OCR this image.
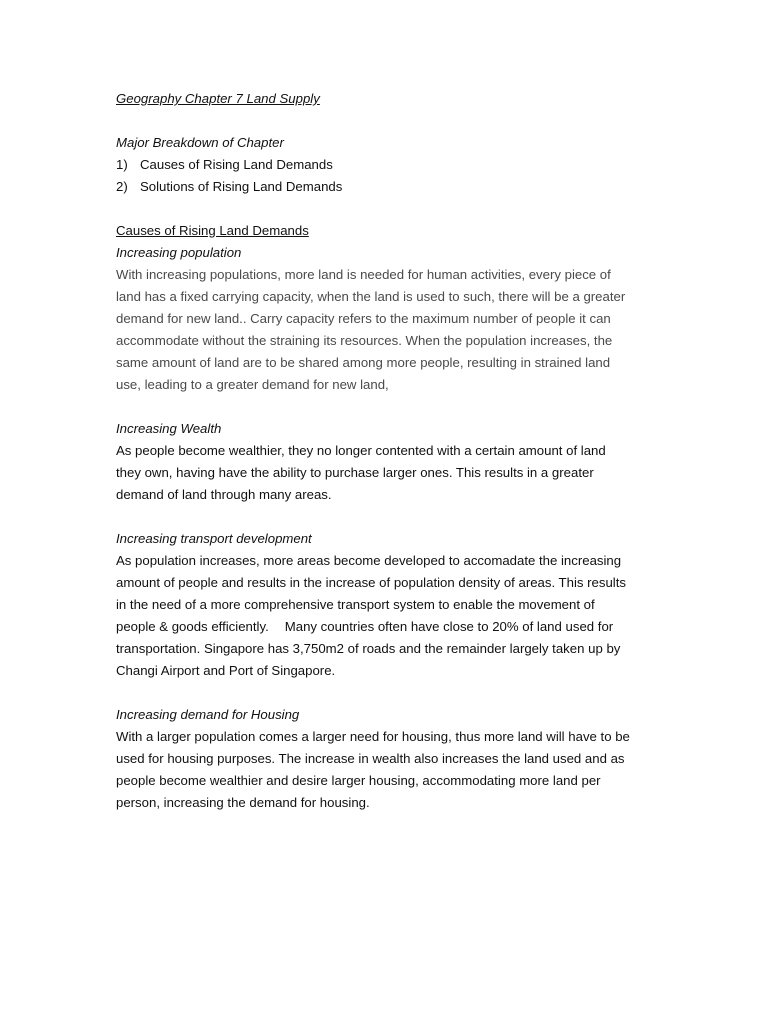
Geography Chapter 7 Land Supply
Major Breakdown of Chapter
1) Causes of Rising Land Demands
2) Solutions of Rising Land Demands
Causes of Rising Land Demands
Increasing population
With increasing populations, more land is needed for human activities, every piece of
land has a fixed carrying capacity, when the land is used to such, there will be a greater
demand for new land.. Carry capacity refers to the maximum number of people it can
accommodate without the straining its resources. When the population increases, the
same amount of land are to be shared among more people, resulting in strained land
use, leading to a greater demand for new land,
Increasing Wealth
As people become wealthier, they no longer contented with a certain amount of land
they own, having have the ability to purchase larger ones. This results in a greater
demand of land through many areas.
Increasing transport development
As population increases, more areas become developed to accomadate the increasing
amount of people and results in the increase of population density of areas. This results
in the need of a more comprehensive transport system to enable the movement of
people & goods efficiently. Many countries often have close to 20% of land used for
transportation. Singapore has 3,750m2 of roads and the remainder largely taken up by
Changi Airport and Port of Singapore.
Increasing demand for Housing
With a larger population comes a larger need for housing, thus more land will have to be
used for housing purposes. The increase in wealth also increases the land used and as
people become wealthier and desire larger housing, accommodating more land per
person, increasing the demand for housing.
